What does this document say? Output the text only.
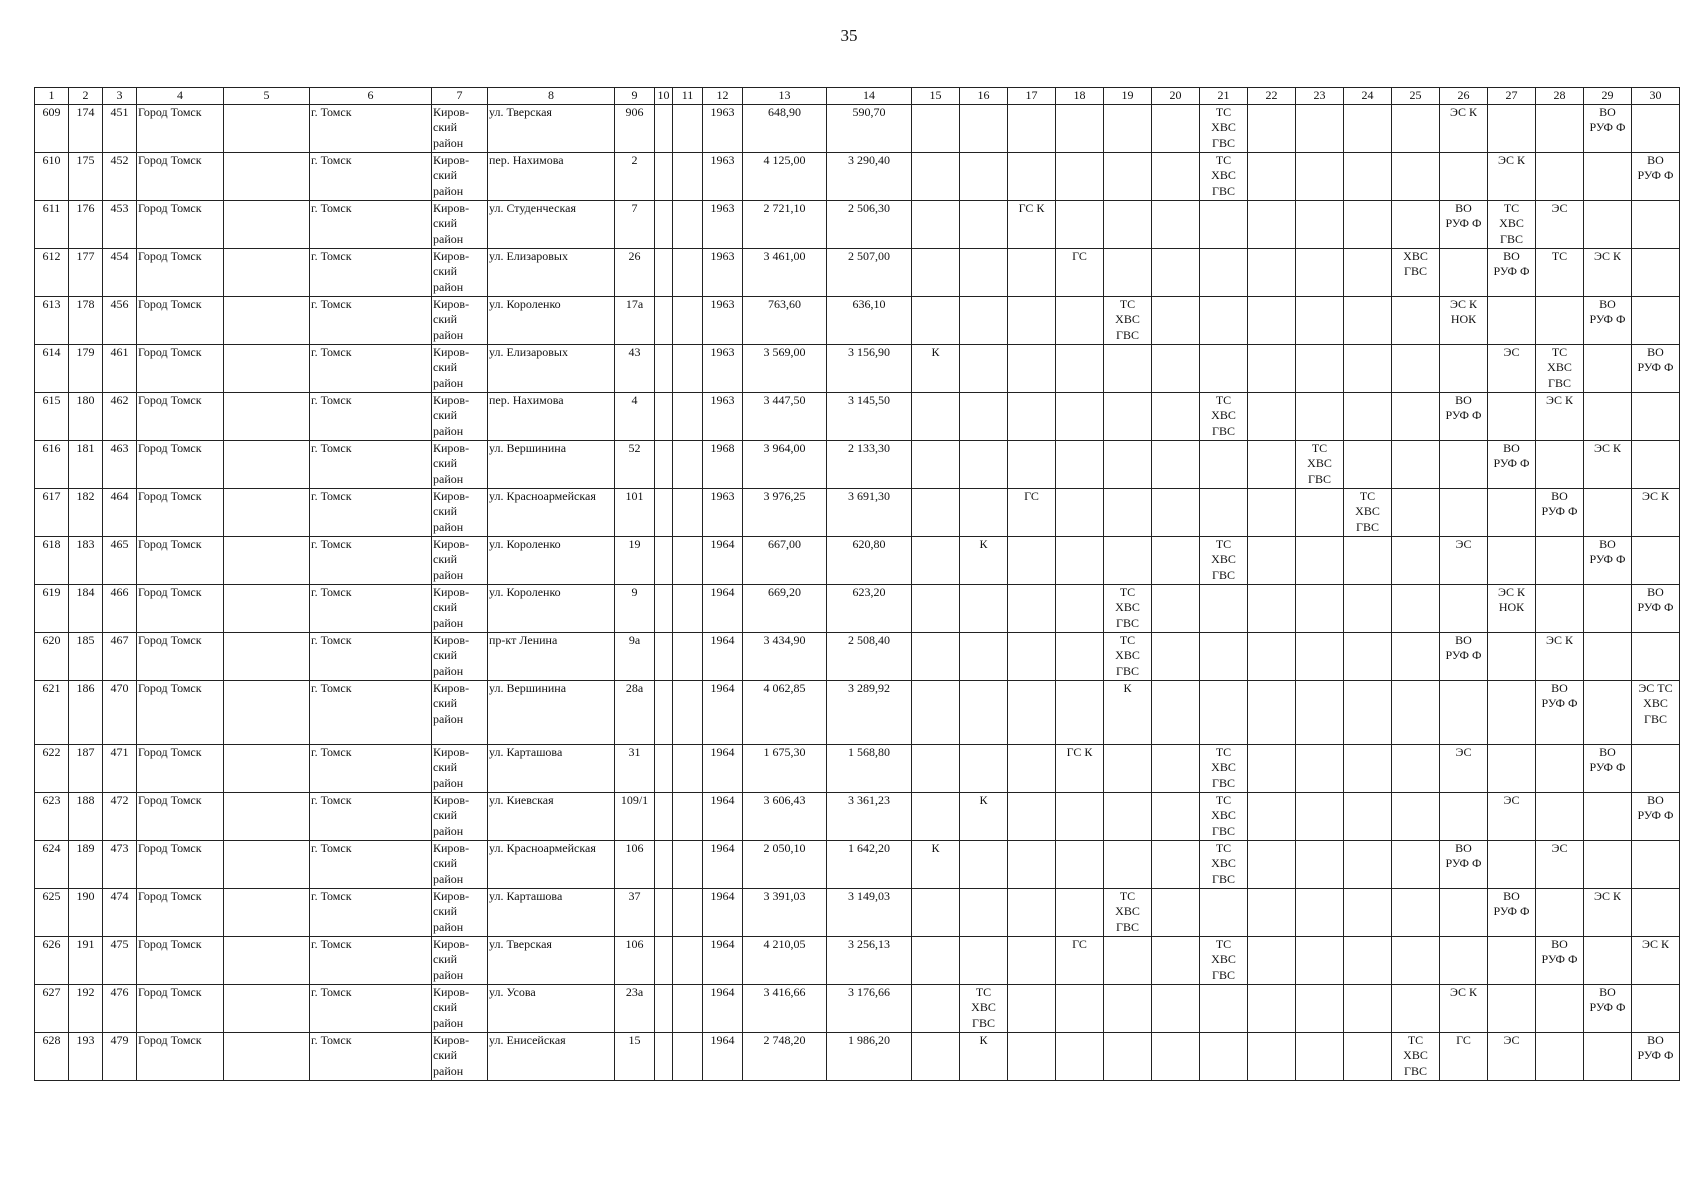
35
1	2	3	4	5	6	7	8	9	10	11	12	13	14	15	16	17	18	19	20	21	22	23	24	25	26	27	28	29	30
609	174	451	Город Томск		г. Томск	Киров-
ский
район	ул. Тверская	906			1963	648,90	590,70							ТС
ХВС
ГВС					ЭС К			ВО
РУФ Ф	
610	175	452	Город Томск		г. Томск	Киров-
ский
район	пер. Нахимова	2			1963	4 125,00	3 290,40							ТС
ХВС
ГВС						ЭС К			ВО
РУФ Ф
611	176	453	Город Томск		г. Томск	Киров-
ский
район	ул. Студенческая	7			1963	2 721,10	2 506,30			ГС К									ВО
РУФ Ф	ТС
ХВС
ГВС	ЭС		
612	177	454	Город Томск		г. Томск	Киров-
ский
район	ул. Елизаровых	26			1963	3 461,00	2 507,00				ГС							ХВС
ГВС		ВО
РУФ Ф	ТС	ЭС К	
613	178	456	Город Томск		г. Томск	Киров-
ский
район	ул. Короленко	17а			1963	763,60	636,10					ТС
ХВС
ГВС							ЭС К
НОК			ВО
РУФ Ф	
614	179	461	Город Томск		г. Томск	Киров-
ский
район	ул. Елизаровых	43			1963	3 569,00	3 156,90	К												ЭС	ТС
ХВС
ГВС		ВО
РУФ Ф
615	180	462	Город Томск		г. Томск	Киров-
ский
район	пер. Нахимова	4			1963	3 447,50	3 145,50							ТС
ХВС
ГВС					ВО
РУФ Ф		ЭС К		
616	181	463	Город Томск		г. Томск	Киров-
ский
район	ул. Вершинина	52			1968	3 964,00	2 133,30									ТС
ХВС
ГВС				ВО
РУФ Ф		ЭС К	
617	182	464	Город Томск		г. Томск	Киров-
ский
район	ул. Красноармейская	101			1963	3 976,25	3 691,30			ГС							ТС
ХВС
ГВС				ВО
РУФ Ф		ЭС К
618	183	465	Город Томск		г. Томск	Киров-
ский
район	ул. Короленко	19			1964	667,00	620,80		К					ТС
ХВС
ГВС					ЭС			ВО
РУФ Ф	
619	184	466	Город Томск		г. Томск	Киров-
ский
район	ул. Короленко	9			1964	669,20	623,20					ТС
ХВС
ГВС								ЭС К
НОК			ВО
РУФ Ф
620	185	467	Город Томск		г. Томск	Киров-
ский
район	пр-кт Ленина	9а			1964	3 434,90	2 508,40					ТС
ХВС
ГВС							ВО
РУФ Ф		ЭС К		
621	186	470	Город Томск		г. Томск	Киров-
ский
район	ул. Вершинина	28а			1964	4 062,85	3 289,92					К									ВО
РУФ Ф		ЭС ТС
ХВС
ГВС
622	187	471	Город Томск		г. Томск	Киров-
ский
район	ул. Карташова	31			1964	1 675,30	1 568,80				ГС К			ТС
ХВС
ГВС					ЭС			ВО
РУФ Ф	
623	188	472	Город Томск		г. Томск	Киров-
ский
район	ул. Киевская	109/1			1964	3 606,43	3 361,23		К					ТС
ХВС
ГВС						ЭС			ВО
РУФ Ф
624	189	473	Город Томск		г. Томск	Киров-
ский
район	ул. Красноармейская	106			1964	2 050,10	1 642,20	К						ТС
ХВС
ГВС					ВО
РУФ Ф		ЭС		
625	190	474	Город Томск		г. Томск	Киров-
ский
район	ул. Карташова	37			1964	3 391,03	3 149,03					ТС
ХВС
ГВС								ВО
РУФ Ф		ЭС К	
626	191	475	Город Томск		г. Томск	Киров-
ский
район	ул. Тверская	106			1964	4 210,05	3 256,13				ГС			ТС
ХВС
ГВС							ВО
РУФ Ф		ЭС К
627	192	476	Город Томск		г. Томск	Киров-
ский
район	ул. Усова	23а			1964	3 416,66	3 176,66		ТС
ХВС
ГВС										ЭС К			ВО
РУФ Ф	
628	193	479	Город Томск		г. Томск	Киров-
ский
район	ул. Енисейская	15			1964	2 748,20	1 986,20		К									ТС
ХВС
ГВС	ГС	ЭС			ВО
РУФ Ф
